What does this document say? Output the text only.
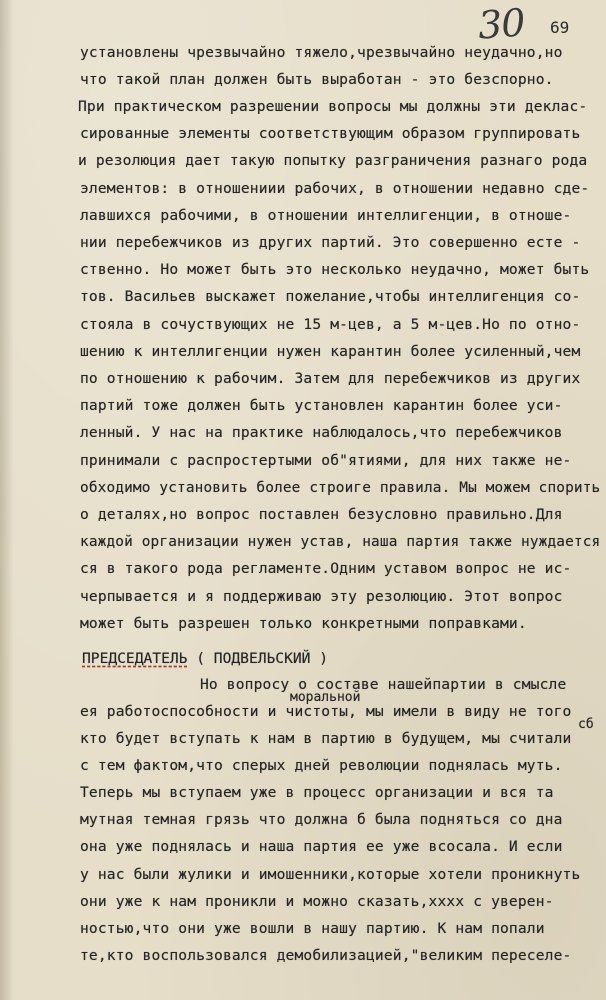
30 69
установлены чрезвычайно тяжело,чрезвычайно неудачно,но
что такой план должен быть выработан - это безспорно.
При практическом разрешении вопросы мы должны эти деклас-
сированные элементы соответствующим образом группировать
и резолюция дает такую попытку разграничения разнаго рода
элементов: в отношениии рабочих, в отношении недавно сде-
лавшихся рабочими, в отношении интеллигенции, в отноше-
нии перебежчиков из других партий. Это совершенно есте -
ственно. Но может быть это несколько неудачно, может быть
тов. Васильев выскажет пожелание,чтобы интеллигенция со-
стояла в сочуствующих не 15 м-цев, а 5 м-цев.Но по отно-
шению к интеллигенции нужен карантин более усиленный,чем
по отношению к рабочим. Затем для перебежчиков из других
партий тоже должен быть установлен карантин более уси-
ленный. У нас на практике наблюдалось,что перебежчиков
принимали с распростертыми об"ятиями, для них также не-
обходимо установить более строиге правила. Мы можем спорить
о деталях,но вопрос поставлен безусловно правильно.Для
каждой организации нужен устав, наша партия также нуждается
ся в такого рода регламенте.Одним уставом вопрос не ис-
черпывается и я поддерживаю эту резолюцию. Этот вопрос
может быть разрешен только конкретными поправками.
ПРЕДСЕДАТЕЛЬ ( ПОДВЕЛЬСКИЙ )
Но вопросу о составе нашейпартии в смысле
моральной
ея работоспособности и чистоты, мы имели в виду не того
сб
кто будет вступать к нам в партию в будущем, мы считали
с тем фактом,что сперых дней революции поднялась муть.
Теперь мы вступаем уже в процесс организации и вся та
мутная темная грязь что должна б была подняться со дна
она уже поднялась и наша партия ее уже всосала. И если
у нас были жулики и имошенники,которые хотели проникнуть
они уже к нам проникли и можно сказать,хххх с уверен-
ностью,что они уже вошли в нашу партию. К нам попали
те,кто воспользовался демобилизацией,"великим переселе-
